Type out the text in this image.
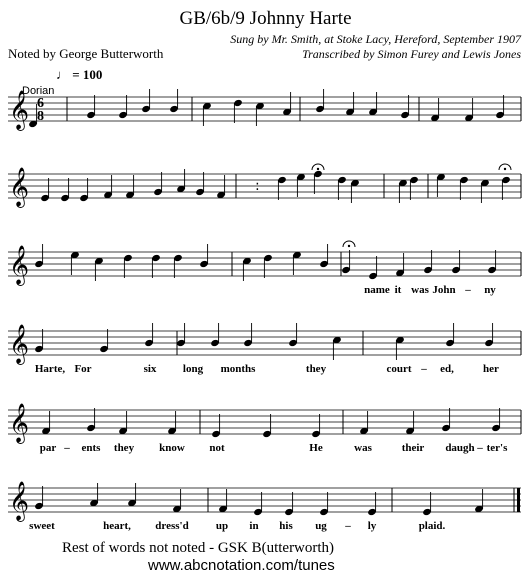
GB/6b/9 Johnny Harte
Sung by Mr. Smith, at Stoke Lacy, Hereford, September 1907
Noted by George Butterworth	Transcribed by Simon Furey and Lewis Jones
♩ = 100
Dorian
𝄞 6
8
𝄞	:
𝄞
name it was John – ny
𝄞
Harte, For	six long months	they	court – ed,	her
𝄞
par – ents they know not	He	was	their daugh – ter's
𝄞
sweet	heart, dress'd up in his ug – ly	plaid.
Rest of words not noted - GSK B(utterworth)
www.abcnotation.com/tunes
